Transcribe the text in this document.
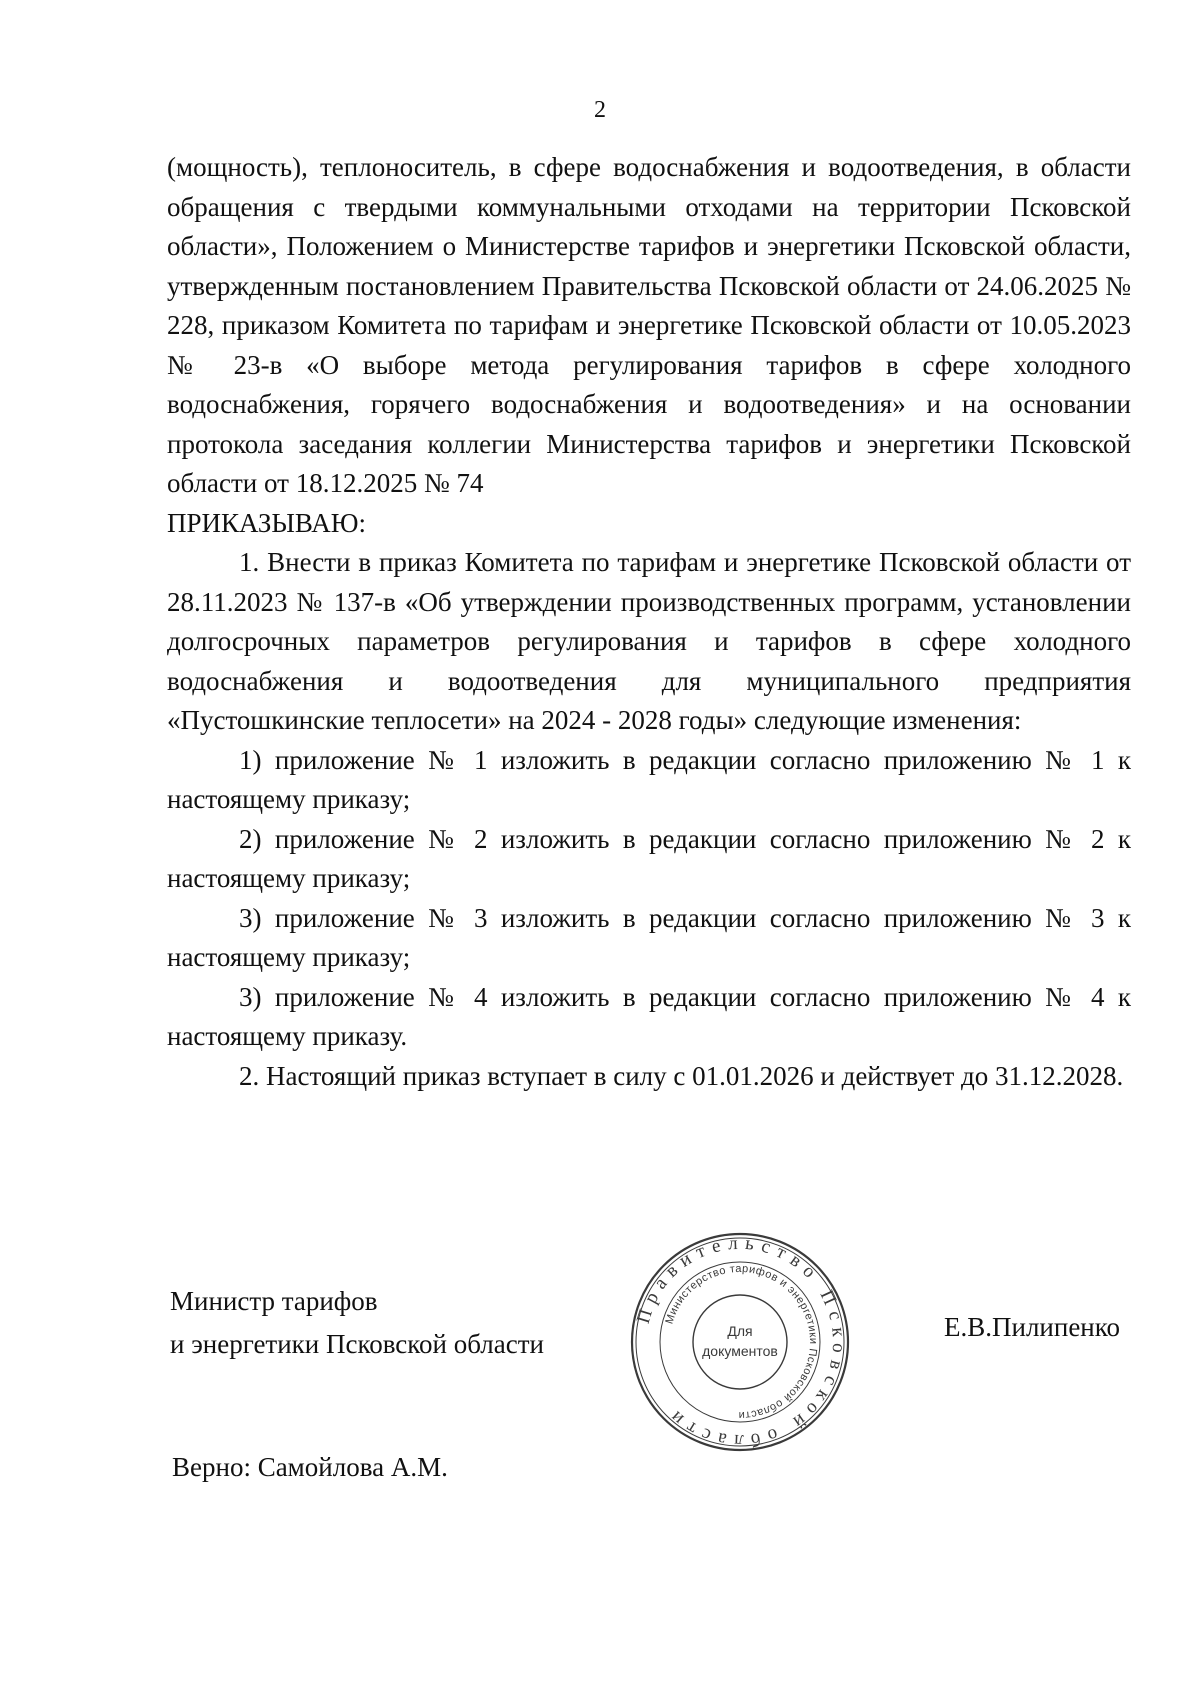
2

(мощность), теплоноситель, в сфере водоснабжения и водоотведения, в области обращения с твердыми коммунальными отходами на территории Псковской области», Положением о Министерстве тарифов и энергетики Псковской области, утвержденным постановлением Правительства Псковской области от 24.06.2025 № 228, приказом Комитета по тарифам и энергетике Псковской области от 10.05.2023 № 23-в «О выборе метода регулирования тарифов в сфере холодного водоснабжения, горячего водоснабжения и водоотведения» и на основании протокола заседания коллегии Министерства тарифов и энергетики Псковской области от 18.12.2025 № 74

ПРИКАЗЫВАЮ:

1. Внести в приказ Комитета по тарифам и энергетике Псковской области от 28.11.2023 № 137-в «Об утверждении производственных программ, установлении долгосрочных параметров регулирования и тарифов в сфере холодного водоснабжения и водоотведения для муниципального предприятия «Пустошкинские теплосети» на 2024 - 2028 годы» следующие изменения:

1) приложение № 1 изложить в редакции согласно приложению № 1 к настоящему приказу;

2) приложение № 2 изложить в редакции согласно приложению № 2 к настоящему приказу;

3) приложение № 3 изложить в редакции согласно приложению № 3 к настоящему приказу;

3) приложение № 4 изложить в редакции согласно приложению № 4 к настоящему приказу.

2. Настоящий приказ вступает в силу с 01.01.2026 и действует до 31.12.2028.

Министр тарифов
и энергетики Псковской области
Правительство Псковской области
Министерство тарифов и энергетики Псковской области
Для
документов
Е.В.Пилипенко
Верно: Самойлова А.М.
